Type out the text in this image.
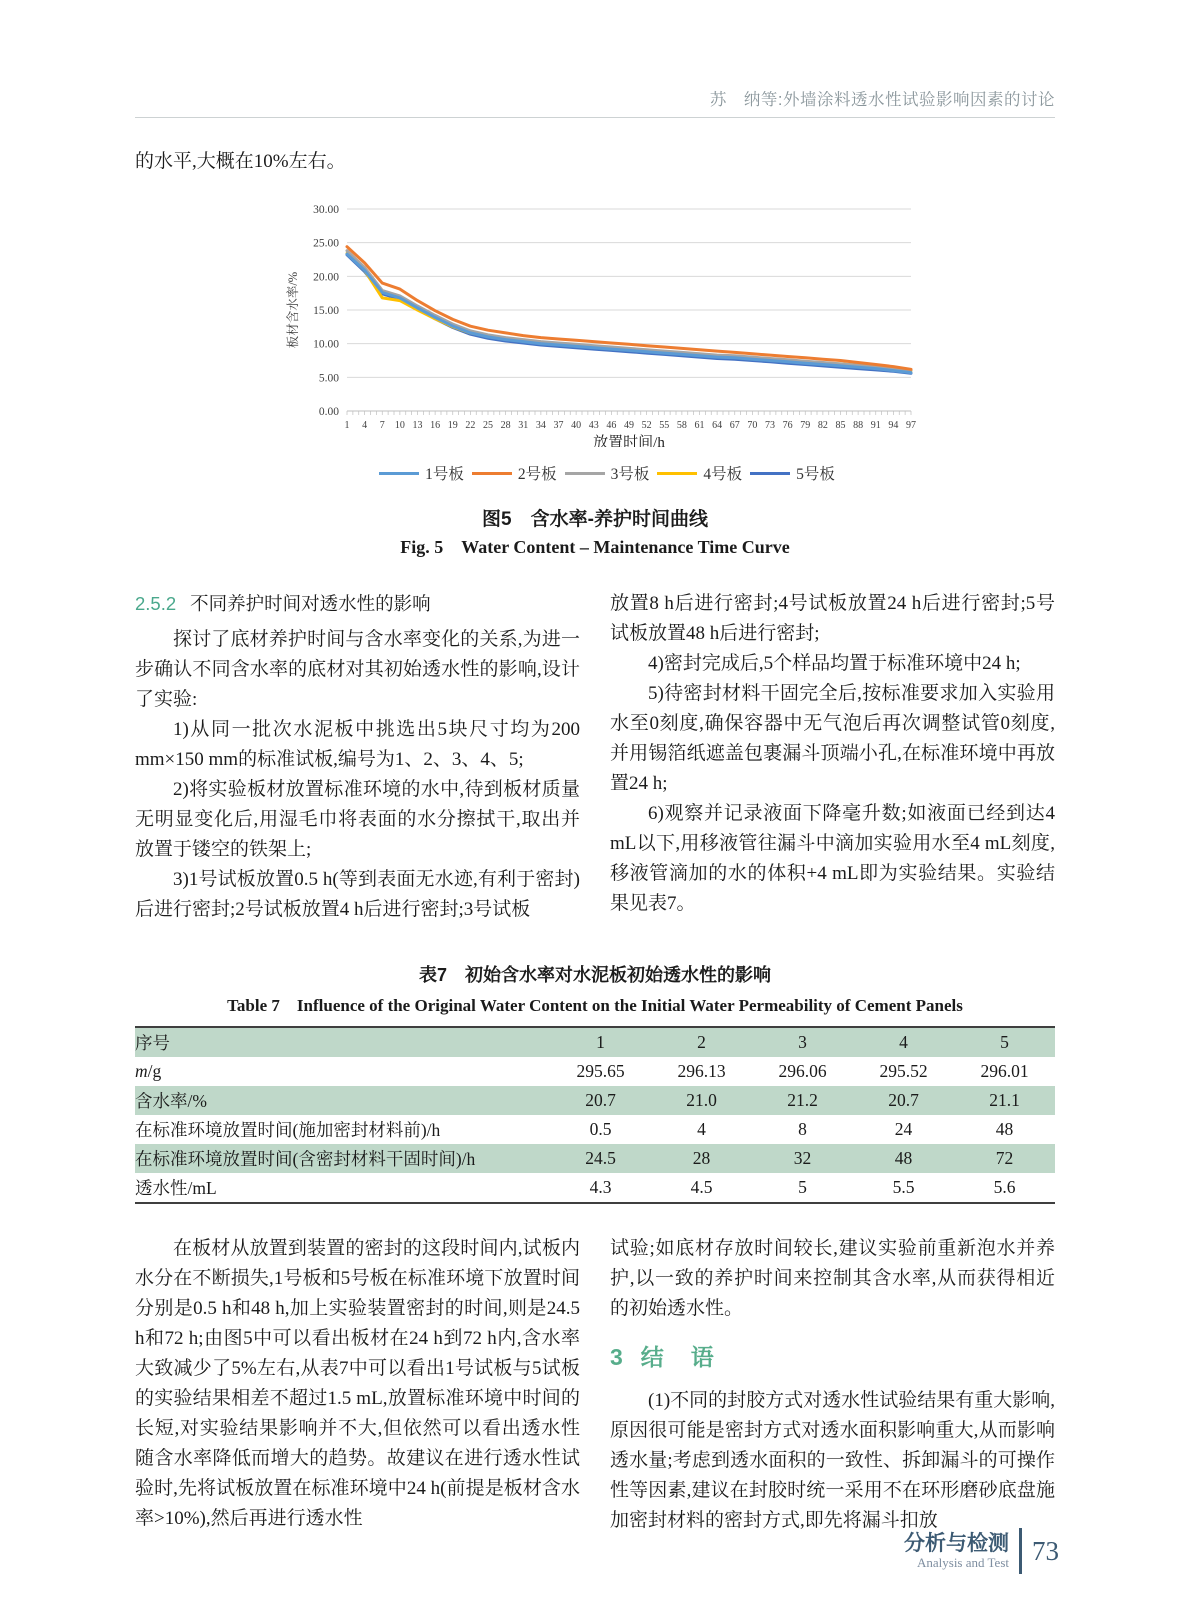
苏　纳等:外墙涂料透水性试验影响因素的讨论

的水平,大概在10%左右。

0.00
5.00
10.00
15.00
20.00
25.00
30.00
1 4 7 10 13 16 19 22 25 28 31 34 37 40 43 46 49 52 55 58 61 64 67 70 73 76 79 82 85 88 91 94 97
板材含水率/%
放置时间/h
1号板	2号板	3号板	4号板	5号板

图5　含水率-养护时间曲线

Fig. 5　Water Content – Maintenance Time Curve

2.5.2 不同养护时间对透水性的影响

探讨了底材养护时间与含水率变化的关系,为进一步确认不同含水率的底材对其初始透水性的影响,设计了实验:

1)从同一批次水泥板中挑选出5块尺寸均为200 mm×150 mm的标准试板,编号为1、2、3、4、5;

2)将实验板材放置标准环境的水中,待到板材质量无明显变化后,用湿毛巾将表面的水分擦拭干,取出并放置于镂空的铁架上;

3)1号试板放置0.5 h(等到表面无水迹,有利于密封)后进行密封;2号试板放置4 h后进行密封;3号试板

放置8 h后进行密封;4号试板放置24 h后进行密封;5号试板放置48 h后进行密封;

4)密封完成后,5个样品均置于标准环境中24 h;

5)待密封材料干固完全后,按标准要求加入实验用水至0刻度,确保容器中无气泡后再次调整试管0刻度,并用锡箔纸遮盖包裹漏斗顶端小孔,在标准环境中再放置24 h;

6)观察并记录液面下降毫升数;如液面已经到达4 mL以下,用移液管往漏斗中滴加实验用水至4 mL刻度,移液管滴加的水的体积+4 mL即为实验结果。实验结果见表7。

表7　初始含水率对水泥板初始透水性的影响

Table 7　Influence of the Original Water Content on the Initial Water Permeability of Cement Panels

序号	1	2	3	4	5
m/g	295.65	296.13	296.06	295.52	296.01
含水率/%	20.7	21.0	21.2	20.7	21.1
在标准环境放置时间(施加密封材料前)/h	0.5	4	8	24	48
在标准环境放置时间(含密封材料干固时间)/h	24.5	28	32	48	72
透水性/mL	4.3	4.5	5	5.5	5.6

在板材从放置到装置的密封的这段时间内,试板内水分在不断损失,1号板和5号板在标准环境下放置时间分别是0.5 h和48 h,加上实验装置密封的时间,则是24.5 h和72 h;由图5中可以看出板材在24 h到72 h内,含水率大致减少了5%左右,从表7中可以看出1号试板与5试板的实验结果相差不超过1.5 mL,放置标准环境中时间的长短,对实验结果影响并不大,但依然可以看出透水性随含水率降低而增大的趋势。故建议在进行透水性试验时,先将试板放置在标准环境中24 h(前提是板材含水率>10%),然后再进行透水性

试验;如底材存放时间较长,建议实验前重新泡水并养护,以一致的养护时间来控制其含水率,从而获得相近的初始透水性。

3 结　语

(1)不同的封胶方式对透水性试验结果有重大影响,原因很可能是密封方式对透水面积影响重大,从而影响透水量;考虑到透水面积的一致性、拆卸漏斗的可操作性等因素,建议在封胶时统一采用不在环形磨砂底盘施加密封材料的密封方式,即先将漏斗扣放

分析与检测
Analysis and Test 73
